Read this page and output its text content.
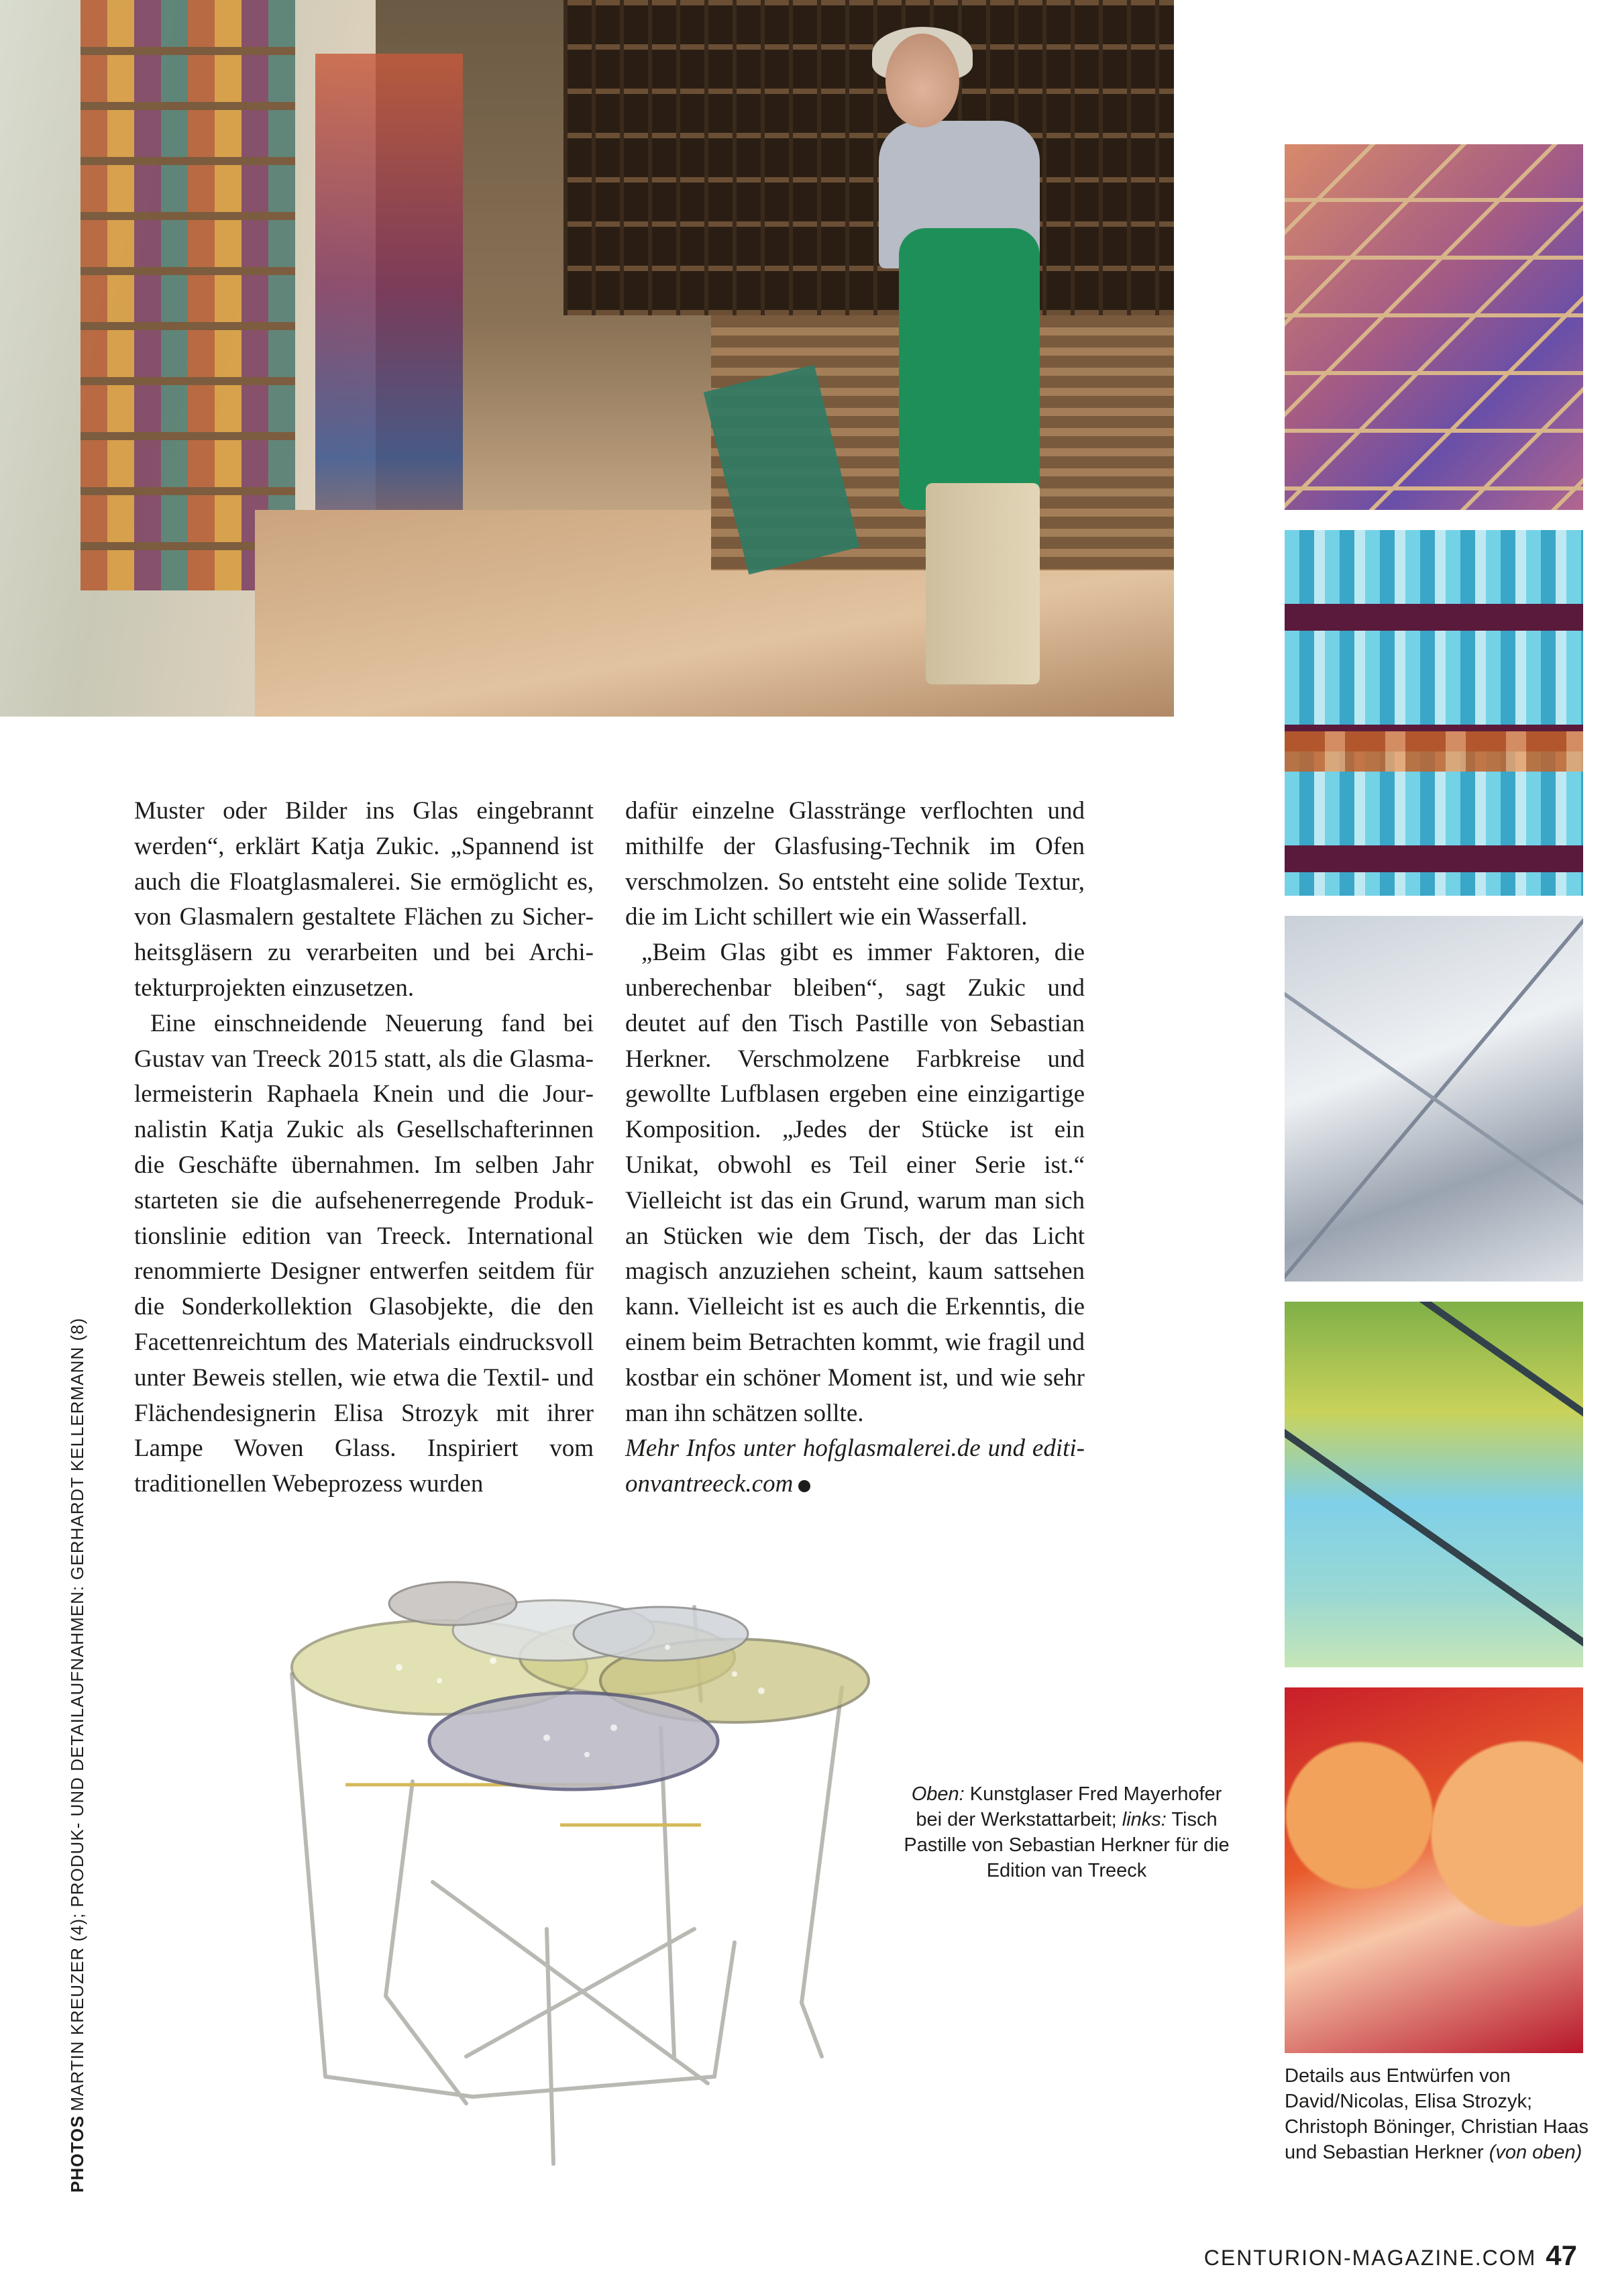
Muster oder Bilder ins Glas eingebrannt werden“, erklärt Katja Zukic. „Spannend ist auch die Floatglasmalerei. Sie ermöglicht es, von Glasmalern gestaltete Flächen zu Sicherheitsgläsern zu verarbeiten und bei Architekturprojekten einzusetzen.

Eine einschneidende Neuerung fand bei Gustav van Treeck 2015 statt, als die Glasmalermeisterin Raphaela Knein und die Journalistin Katja Zukic als Gesellschafterinnen die Geschäfte übernahmen. Im selben Jahr starteten sie die aufsehenerregende Produktionslinie edition van Treeck. International renommierte Designer entwerfen seitdem für die Sonderkollektion Glasobjekte, die den Facettenreichtum des Materials eindrucksvoll unter Beweis stellen, wie etwa die Textil- und Flächendesignerin Elisa Strozyk mit ihrer Lampe Woven Glass. Inspiriert vom traditionellen Webeprozess wurden

dafür einzelne Glasstränge verflochten und mithilfe der Glasfusing-Technik im Ofen verschmolzen. So entsteht eine solide Textur, die im Licht schillert wie ein Wasserfall.

„Beim Glas gibt es immer Faktoren, die unberechenbar bleiben“, sagt Zukic und deutet auf den Tisch Pastille von Sebastian Herkner. Verschmolzene Farbkreise und gewollte Lufblasen ergeben eine einzigartige Komposition. „Jedes der Stücke ist ein Unikat, obwohl es Teil einer Serie ist.“ Vielleicht ist das ein Grund, warum man sich an Stücken wie dem Tisch, der das Licht magisch anzuziehen scheint, kaum sattsehen kann. Vielleicht ist es auch die Erkenntis, die einem beim Betrachten kommt, wie fragil und kostbar ein schöner Moment ist, und wie sehr man ihn schätzen sollte.

Mehr Infos unter hofglasmalerei.de und editionvantreeck.com

Oben: Kunstglaser Fred Mayerhofer bei der Werkstattarbeit; links: Tisch Pastille von Sebastian Herkner für die Edition van Treeck
Details aus Entwürfen von David/Nicolas, Elisa Strozyk; Christoph Böninger, Christian Haas und Sebastian Herkner (von oben)
PHOTOSMARTIN KREUZER (4); PRODUK- UND DETAILAUFNAHMEN: GERHARDT KELLERMANN (8)
CENTURION-MAGAZINE.COM 47
